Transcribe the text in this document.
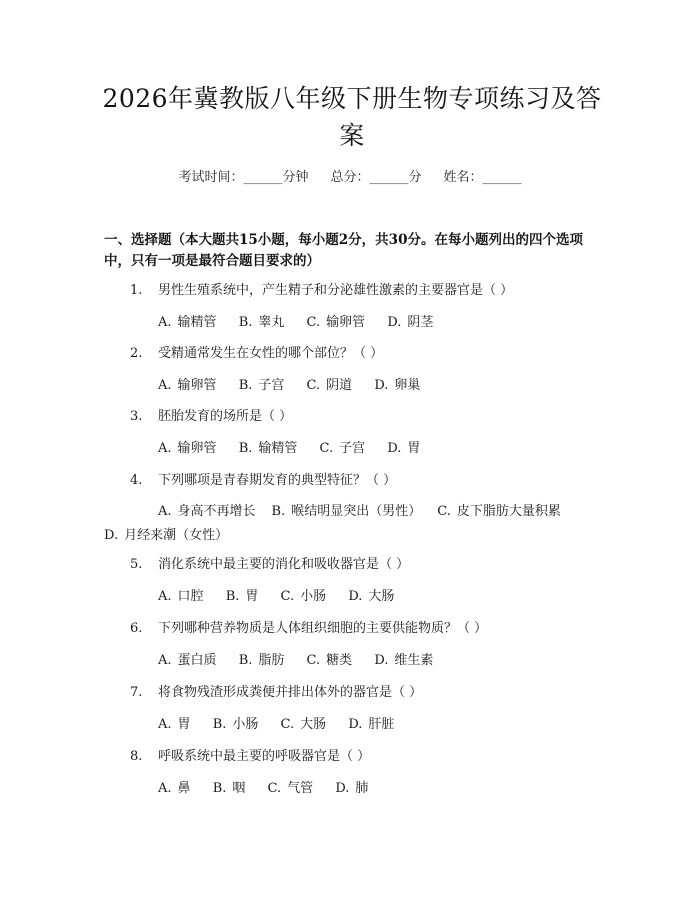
2026年冀教版八年级下册生物专项练习及答案
考试时间：______分钟 总分：______分 姓名：______
一、选择题（本大题共15小题，每小题2分，共30分。在每小题列出的四个选项中，只有一项是最符合题目要求的）
1. 男性生殖系统中，产生精子和分泌雄性激素的主要器官是（ ）
A. 输精管 B. 睾丸 C. 输卵管 D. 阴茎
2. 受精通常发生在女性的哪个部位？（ ）
A. 输卵管 B. 子宫 C. 阴道 D. 卵巢
3. 胚胎发育的场所是（ ）
A. 输卵管 B. 输精管 C. 子宫 D. 胃
4. 下列哪项是青春期发育的典型特征？（ ）
A. 身高不再增长 B. 喉结明显突出（男性） C. 皮下脂肪大量积累D. 月经来潮（女性）
5. 消化系统中最主要的消化和吸收器官是（ ）
A. 口腔 B. 胃 C. 小肠 D. 大肠
6. 下列哪种营养物质是人体组织细胞的主要供能物质？（ ）
A. 蛋白质 B. 脂肪 C. 糖类 D. 维生素
7. 将食物残渣形成粪便并排出体外的器官是（ ）
A. 胃 B. 小肠 C. 大肠 D. 肝脏
8. 呼吸系统中最主要的呼吸器官是（ ）
A. 鼻 B. 咽 C. 气管 D. 肺
